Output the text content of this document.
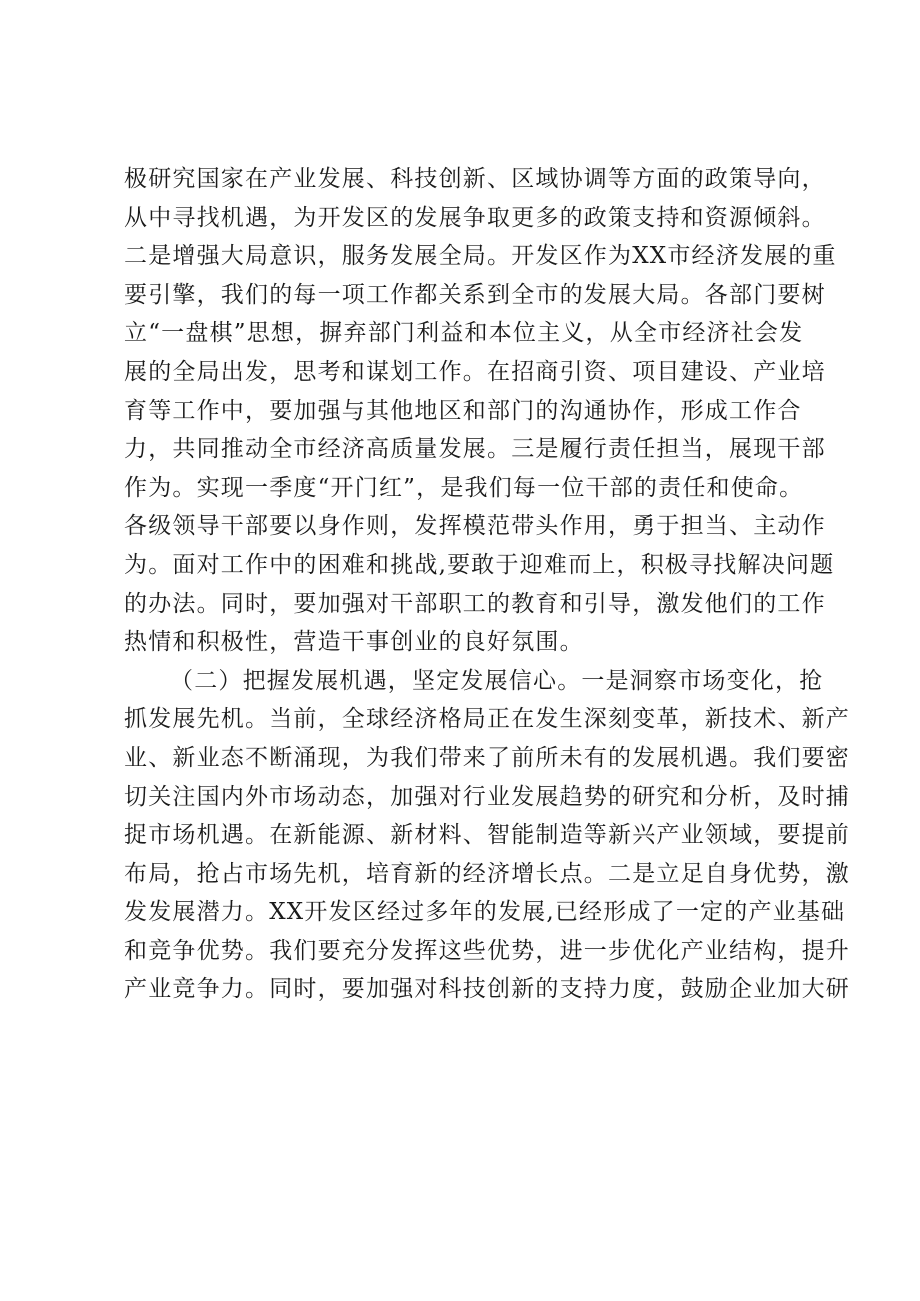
极研究国家在产业发展、科技创新、区域协调等方面的政策导向，
从中寻找机遇，为开发区的发展争取更多的政策支持和资源倾斜。
二是增强大局意识，服务发展全局。开发区作为XX市经济发展的重
要引擎，我们的每一项工作都关系到全市的发展大局。各部门要树
立“一盘棋”思想，摒弃部门利益和本位主义，从全市经济社会发
展的全局出发，思考和谋划工作。在招商引资、项目建设、产业培
育等工作中，要加强与其他地区和部门的沟通协作，形成工作合
力，共同推动全市经济高质量发展。三是履行责任担当，展现干部
作为。实现一季度“开门红”，是我们每一位干部的责任和使命。
各级领导干部要以身作则，发挥模范带头作用，勇于担当、主动作
为。面对工作中的困难和挑战,要敢于迎难而上，积极寻找解决问题
的办法。同时，要加强对干部职工的教育和引导，激发他们的工作
热情和积极性，营造干事创业的良好氛围。
（二）把握发展机遇，坚定发展信心。一是洞察市场变化，抢
抓发展先机。当前，全球经济格局正在发生深刻变革，新技术、新产
业、新业态不断涌现，为我们带来了前所未有的发展机遇。我们要密
切关注国内外市场动态，加强对行业发展趋势的研究和分析，及时捕
捉市场机遇。在新能源、新材料、智能制造等新兴产业领域，要提前
布局，抢占市场先机，培育新的经济增长点。二是立足自身优势，激
发发展潜力。XX开发区经过多年的发展,已经形成了一定的产业基础
和竞争优势。我们要充分发挥这些优势，进一步优化产业结构，提升
产业竞争力。同时，要加强对科技创新的支持力度，鼓励企业加大研
